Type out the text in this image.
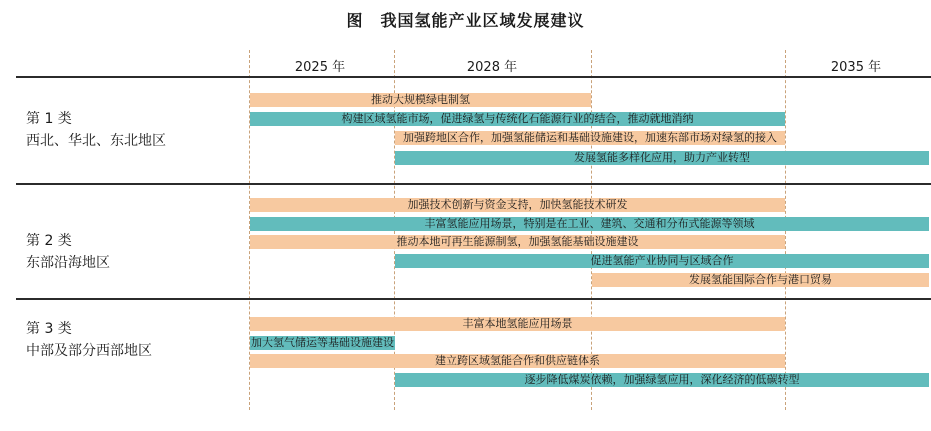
图　我国氢能产业区域发展建议
2025 年	2028 年	2035 年
第 1 类
西北、华北、东北地区
第 2 类
东部沿海地区
第 3 类
中部及部分西部地区
推动大规模绿电制氢
构建区域氢能市场，促进绿氢与传统化石能源行业的结合，推动就地消纳
加强跨地区合作，加强氢能储运和基础设施建设，加速东部市场对绿氢的接入
发展氢能多样化应用，助力产业转型
加强技术创新与资金支持，加快氢能技术研发
丰富氢能应用场景，特别是在工业、建筑、交通和分布式能源等领域
推动本地可再生能源制氢，加强氢能基础设施建设
促进氢能产业协同与区域合作
发展氢能国际合作与港口贸易
丰富本地氢能应用场景
加大氢气储运等基础设施建设
建立跨区域氢能合作和供应链体系
逐步降低煤炭依赖，加强绿氢应用，深化经济的低碳转型
